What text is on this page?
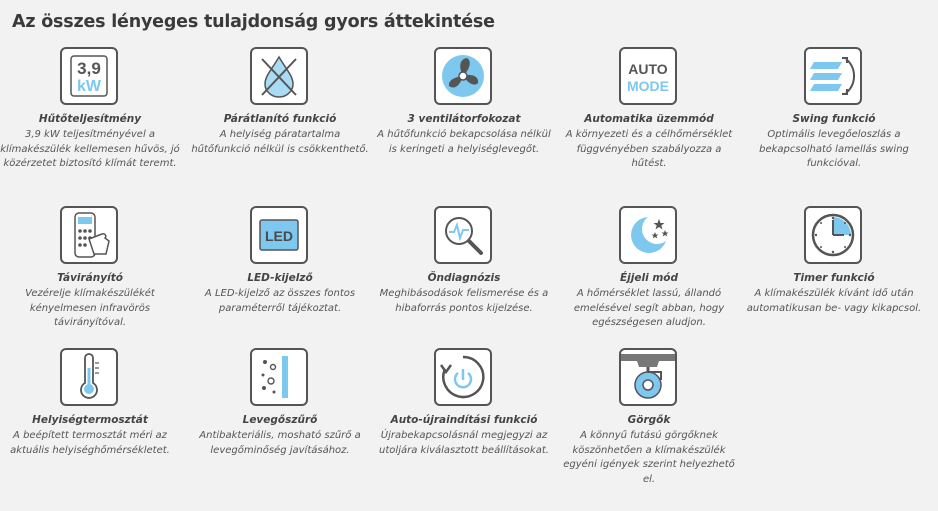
Az összes lényeges tulajdonság gyors áttekintése
3,9
kW
Hűtőteljesítmény
3,9 kW teljesítményével a klímakészülék kellemesen hűvös, jó közérzetet biztosító klímát teremt.
Párátlanító funkció
A helyiség páratartalma hűtőfunkció nélkül is csökkenthető.
3 ventilátorfokozat
A hűtőfunkció bekapcsolása nélkül is keringeti a helyiséglevegőt.
AUTO
MODE
Automatika üzemmód
A környezeti és a célhőmérséklet függvényében szabályozza a hűtést.
Swing funkció
Optimális levegőeloszlás a bekapcsolható lamellás swing funkcióval.
Távirányító
Vezérelje klímakészülékét kényelmesen infravörös távirányítóval.
LED
LED-kijelző
A LED-kijelző az összes fontos paraméterről tájékoztat.
Öndiagnózis
Meghibásodások felismerése és a hibaforrás pontos kijelzése.
Éjjeli mód
A hőmérséklet lassú, állandó emelésével segít abban, hogy egészségesen aludjon.
Timer funkció
A klímakészülék kívánt idő után automatikusan be- vagy kikapcsol.
Helyiségtermosztát
A beépített termosztát méri az aktuális helyiséghőmérsékletet.
Levegőszűrő
Antibakteriális, mosható szűrő a levegőminőség javításához.
Auto-újraindítási funkció
Újrabekapcsolásnál megjegyzi az utoljára kiválasztott beállításokat.
Görgők
A könnyű futású görgőknek köszönhetően a klímakészülék egyéni igények szerint helyezhető el.
